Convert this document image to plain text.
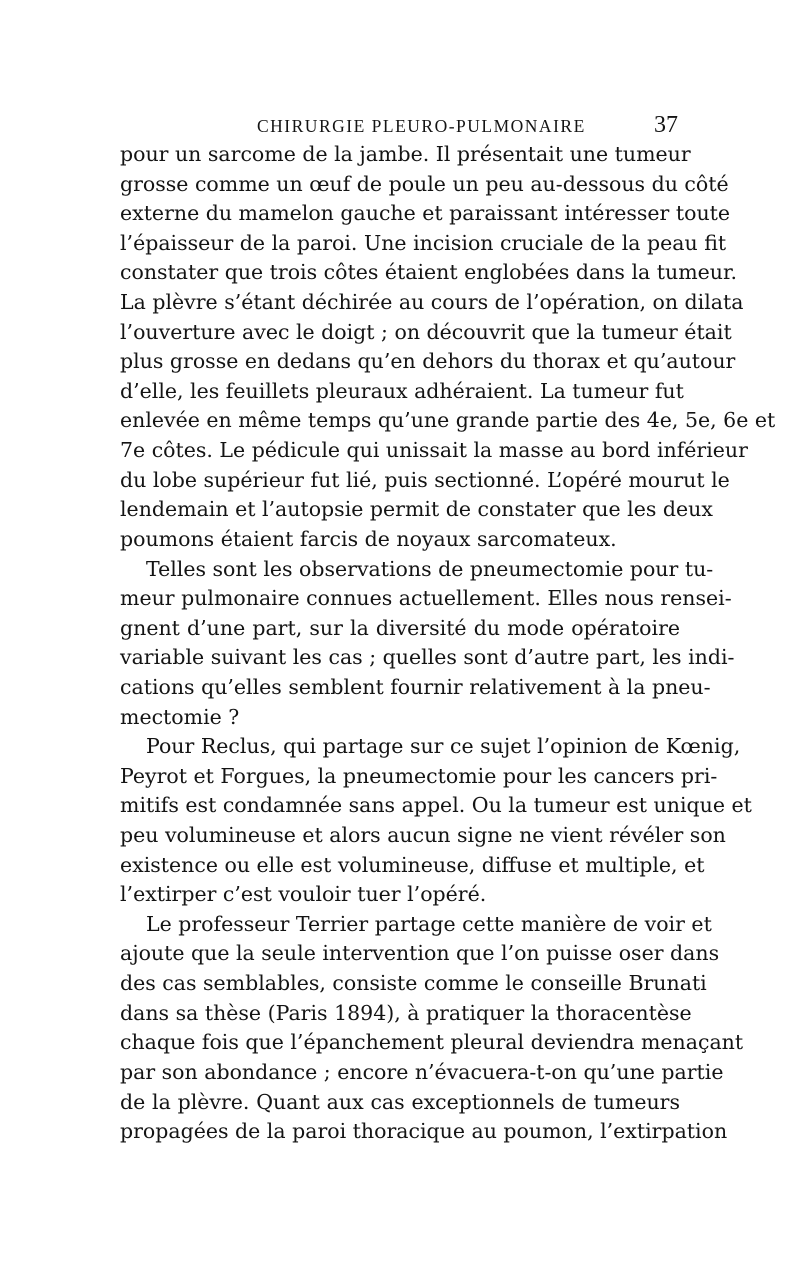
CHIRURGIE PLEURO-PULMONAIRE	37
pour un sarcome de la jambe. Il présentait une tumeur
grosse comme un œuf de poule un peu au-dessous du côté
externe du mamelon gauche et paraissant intéresser toute
l’épaisseur de la paroi. Une incision cruciale de la peau fit
constater que trois côtes étaient englobées dans la tumeur.
La plèvre s’étant déchirée au cours de l’opération, on dilata
l’ouverture avec le doigt ; on découvrit que la tumeur était
plus grosse en dedans qu’en dehors du thorax et qu’autour
d’elle, les feuillets pleuraux adhéraient. La tumeur fut
enlevée en même temps qu’une grande partie des 4e, 5e, 6e et
7e côtes. Le pédicule qui unissait la masse au bord inférieur
du lobe supérieur fut lié, puis sectionné. L’opéré mourut le
lendemain et l’autopsie permit de constater que les deux
poumons étaient farcis de noyaux sarcomateux.
Telles sont les observations de pneumectomie pour tu-
meur pulmonaire connues actuellement. Elles nous rensei-
gnent d’une part, sur la diversité du mode opératoire
variable suivant les cas ; quelles sont d’autre part, les indi-
cations qu’elles semblent fournir relativement à la pneu-
mectomie ?
Pour Reclus, qui partage sur ce sujet l’opinion de Kœnig,
Peyrot et Forgues, la pneumectomie pour les cancers pri-
mitifs est condamnée sans appel. Ou la tumeur est unique et
peu volumineuse et alors aucun signe ne vient révéler son
existence ou elle est volumineuse, diffuse et multiple, et
l’extirper c’est vouloir tuer l’opéré.
Le professeur Terrier partage cette manière de voir et
ajoute que la seule intervention que l’on puisse oser dans
des cas semblables, consiste comme le conseille Brunati
dans sa thèse (Paris 1894), à pratiquer la thoracentèse
chaque fois que l’épanchement pleural deviendra menaçant
par son abondance ; encore n’évacuera-t-on qu’une partie
de la plèvre. Quant aux cas exceptionnels de tumeurs
propagées de la paroi thoracique au poumon, l’extirpation
